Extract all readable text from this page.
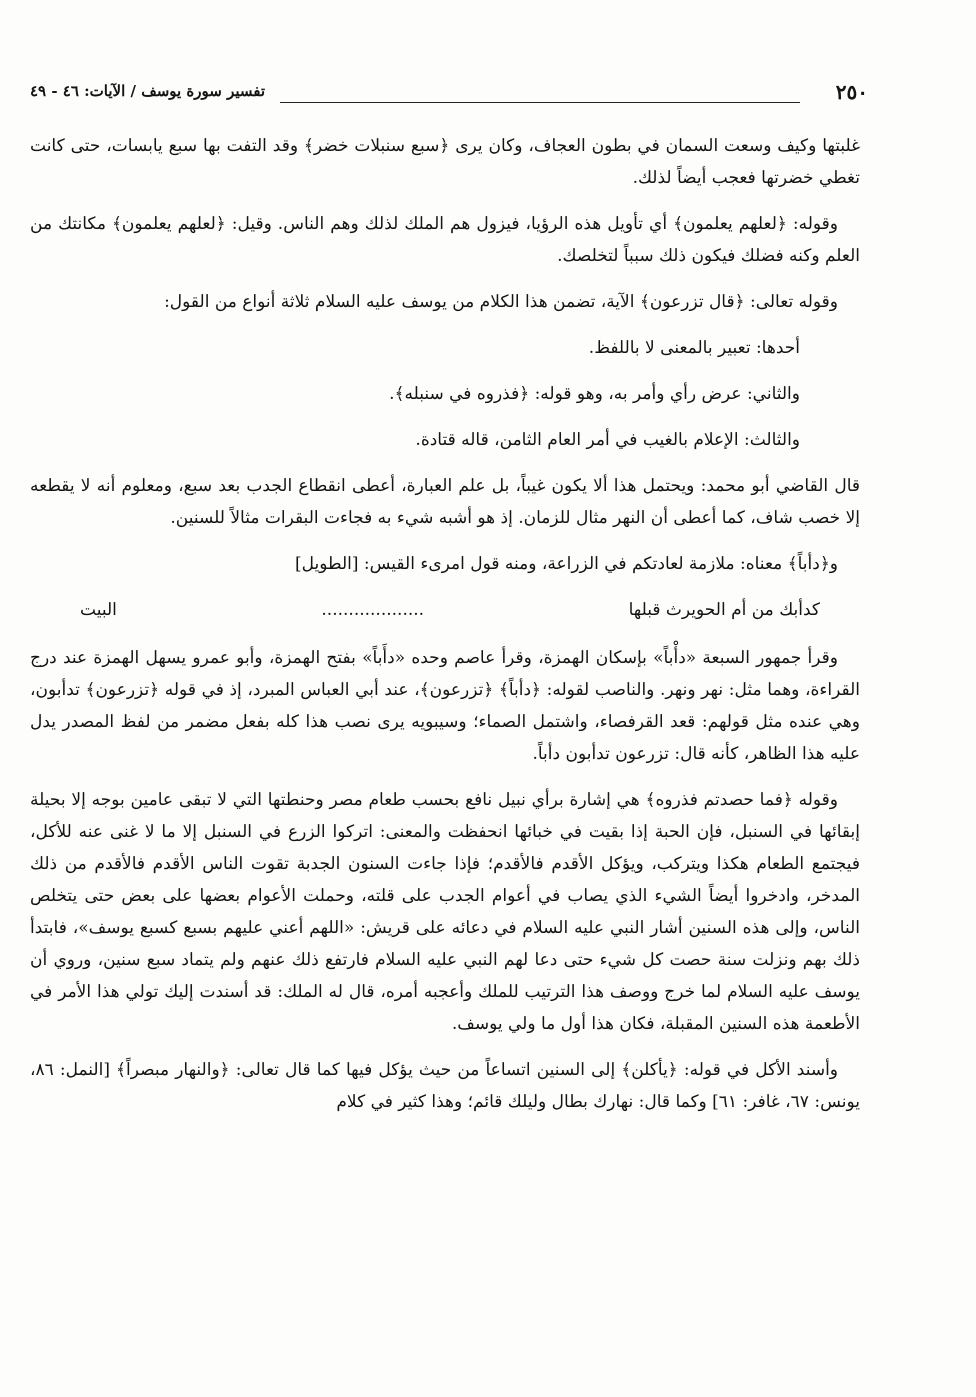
٢٥٠
تفسير سورة يوسف / الآيات: ٤٦ - ٤٩

غلبتها وكيف وسعت السمان في بطون العجاف، وكان يرى ﴿سبع سنبلات خضر﴾ وقد التفت بها سبع يابسات، حتى كانت تغطي خضرتها فعجب أيضاً لذلك.

وقوله: ﴿لعلهم يعلمون﴾ أي تأويل هذه الرؤيا، فيزول هم الملك لذلك وهم الناس. وقيل: ﴿لعلهم يعلمون﴾ مكانتك من العلم وكنه فضلك فيكون ذلك سبباً لتخلصك.

وقوله تعالى: ﴿قال تزرعون﴾ الآية، تضمن هذا الكلام من يوسف عليه السلام ثلاثة أنواع من القول:

أحدها: تعبير بالمعنى لا باللفظ.

والثاني: عرض رأي وأمر به، وهو قوله: ﴿فذروه في سنبله﴾.

والثالث: الإعلام بالغيب في أمر العام الثامن، قاله قتادة.

قال القاضي أبو محمد: ويحتمل هذا ألا يكون غيباً، بل علم العبارة، أعطى انقطاع الجدب بعد سبع، ومعلوم أنه لا يقطعه إلا خصب شاف، كما أعطى أن النهر مثال للزمان. إذ هو أشبه شيء به فجاءت البقرات مثالاً للسنين.

و﴿دأباً﴾ معناه: ملازمة لعادتكم في الزراعة، ومنه قول امرىء القيس: [الطويل]

كدأبك من أم الحويرث قبلها
...................
البيت

وقرأ جمهور السبعة «دأْباً» بإسكان الهمزة، وقرأ عاصم وحده «دأَباً» بفتح الهمزة، وأبو عمرو يسهل الهمزة عند درج القراءة، وهما مثل: نهر ونهر. والناصب لقوله: ﴿دأباً﴾ ﴿تزرعون﴾، عند أبي العباس المبرد، إذ في قوله ﴿تزرعون﴾ تدأبون، وهي عنده مثل قولهم: قعد القرفصاء، واشتمل الصماء؛ وسيبويه يرى نصب هذا كله بفعل مضمر من لفظ المصدر يدل عليه هذا الظاهر، كأنه قال: تزرعون تدأبون دأباً.

وقوله ﴿فما حصدتم فذروه﴾ هي إشارة برأي نبيل نافع بحسب طعام مصر وحنطتها التي لا تبقى عامين بوجه إلا بحيلة إبقائها في السنبل، فإن الحبة إذا بقيت في خبائها انحفظت والمعنى: اتركوا الزرع في السنبل إلا ما لا غنى عنه للأكل، فيجتمع الطعام هكذا ويتركب، ويؤكل الأقدم فالأقدم؛ فإذا جاءت السنون الجدبة تقوت الناس الأقدم فالأقدم من ذلك المدخر، وادخروا أيضاً الشيء الذي يصاب في أعوام الجدب على قلته، وحملت الأعوام بعضها على بعض حتى يتخلص الناس، وإلى هذه السنين أشار النبي عليه السلام في دعائه على قريش: «اللهم أعني عليهم بسبع كسبع يوسف»، فابتدأ ذلك بهم ونزلت سنة حصت كل شيء حتى دعا لهم النبي عليه السلام فارتفع ذلك عنهم ولم يتماد سبع سنين، وروي أن يوسف عليه السلام لما خرج ووصف هذا الترتيب للملك وأعجبه أمره، قال له الملك: قد أسندت إليك تولي هذا الأمر في الأطعمة هذه السنين المقبلة، فكان هذا أول ما ولي يوسف.

وأسند الأكل في قوله: ﴿يأكلن﴾ إلى السنين اتساعاً من حيث يؤكل فيها كما قال تعالى: ﴿والنهار مبصراً﴾ [النمل: ٨٦، يونس: ٦٧، غافر: ٦١] وكما قال: نهارك بطال وليلك قائم؛ وهذا كثير في كلام
